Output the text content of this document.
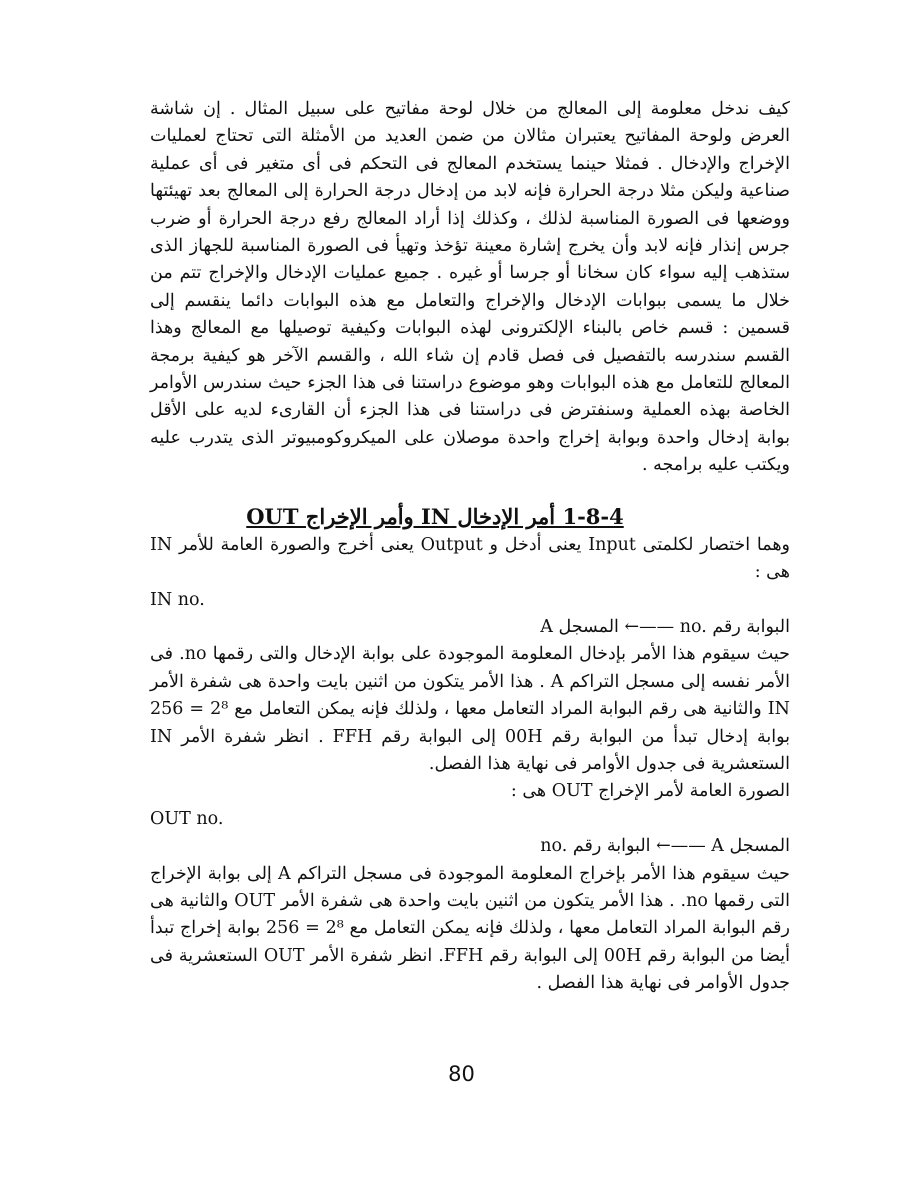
كيف ندخل معلومة إلى المعالج من خلال لوحة مفاتيح على سبيل المثال . إن شاشة العرض ولوحة المفاتيح يعتبران مثالان من ضمن العديد من الأمثلة التى تحتاج لعمليات الإخراج والإدخال . فمثلا حينما يستخدم المعالج فى التحكم فى أى متغير فى أى عملية صناعية وليكن مثلا درجة الحرارة فإنه لابد من إدخال درجة الحرارة إلى المعالج بعد تهيئتها ووضعها فى الصورة المناسبة لذلك ، وكذلك إذا أراد المعالج رفع درجة الحرارة أو ضرب جرس إنذار فإنه لابد وأن يخرج إشارة معينة تؤخذ وتهيأ فى الصورة المناسبة للجهاز الذى ستذهب إليه سواء كان سخانا أو جرسا أو غيره . جميع عمليات الإدخال والإخراج تتم من خلال ما يسمى ببوابات الإدخال والإخراج والتعامل مع هذه البوابات دائما ينقسم إلى قسمين : قسم خاص بالبناء الإلكترونى لهذه البوابات وكيفية توصيلها مع المعالج وهذا القسم سندرسه بالتفصيل فى فصل قادم إن شاء الله ، والقسم الآخر هو كيفية برمجة المعالج للتعامل مع هذه البوابات وهو موضوع دراستنا فى هذا الجزء حيث سندرس الأوامر الخاصة بهذه العملية وسنفترض فى دراستنا فى هذا الجزء أن القارىء لديه على الأقل بوابة إدخال واحدة وبوابة إخراج واحدة موصلان على الميكروكومبيوتر الذى يتدرب عليه ويكتب عليه برامجه .

1-8-4 أمر الإدخال IN وأمر الإخراج OUT

وهما اختصار لكلمتى Input يعنى أدخل و Output يعنى أخرج والصورة العامة للأمر IN هى :

IN no.

A المسجل ←—— no. البوابة رقم

حيث سيقوم هذا الأمر بإدخال المعلومة الموجودة على بوابة الإدخال والتى رقمها no. فى الأمر نفسه إلى مسجل التراكم A . هذا الأمر يتكون من اثنين بايت واحدة هى شفرة الأمر IN والثانية هى رقم البوابة المراد التعامل معها ، ولذلك فإنه يمكن التعامل مع 2⁸ = 256 بوابة إدخال تبدأ من البوابة رقم 00H إلى البوابة رقم FFH . انظر شفرة الأمر IN الستعشرية فى جدول الأوامر فى نهاية هذا الفصل.

الصورة العامة لأمر الإخراج OUT هى :

OUT no.

no. البوابة رقم ←—— A المسجل

حيث سيقوم هذا الأمر بإخراج المعلومة الموجودة فى مسجل التراكم A إلى بوابة الإخراج التى رقمها no. . هذا الأمر يتكون من اثنين بايت واحدة هى شفرة الأمر OUT والثانية هى رقم البوابة المراد التعامل معها ، ولذلك فإنه يمكن التعامل مع 2⁸ = 256 بوابة إخراج تبدأ أيضا من البوابة رقم 00H إلى البوابة رقم FFH. انظر شفرة الأمر OUT الستعشرية فى جدول الأوامر فى نهاية هذا الفصل .

80
